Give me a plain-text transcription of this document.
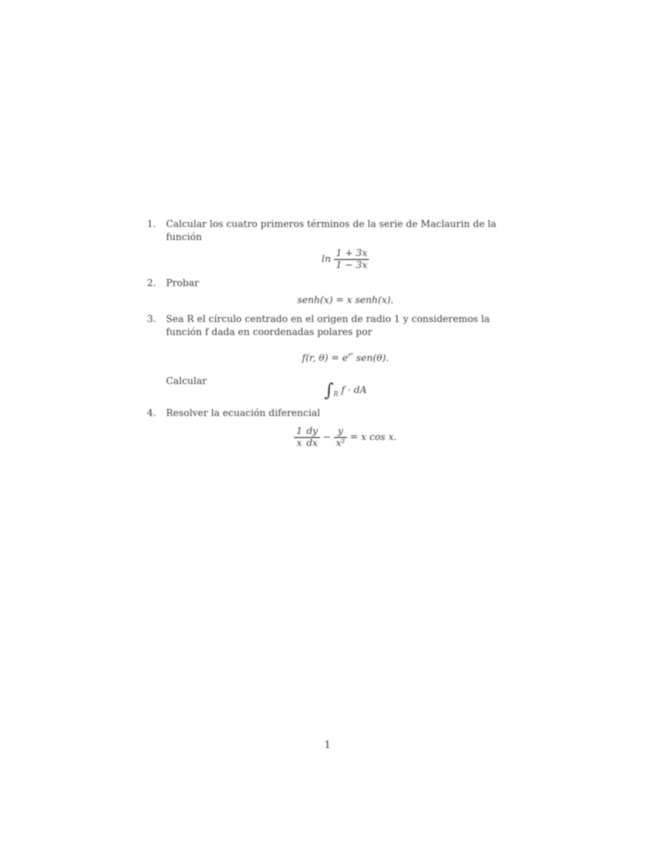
1. Calcular los cuatro primeros términos de la serie de Maclaurin de la función
$\ln \frac{1 + 3x}{1 - 3x}$
2. Probar
senh(x) = x senh(x).
3. Sea R el círculo centrado en el origen de radio 1 y consideremos la función f dada en coordenadas polares por
f(r, $\theta) = e^{r^2}$ sen(θ).
Calcular	$\int_R$ f · dA
4. Resolver la ecuación diferencial
$\frac{1}{x} \frac{dy}{dx} - \frac{y}{\text{x²}} = x$ cos x.
1
